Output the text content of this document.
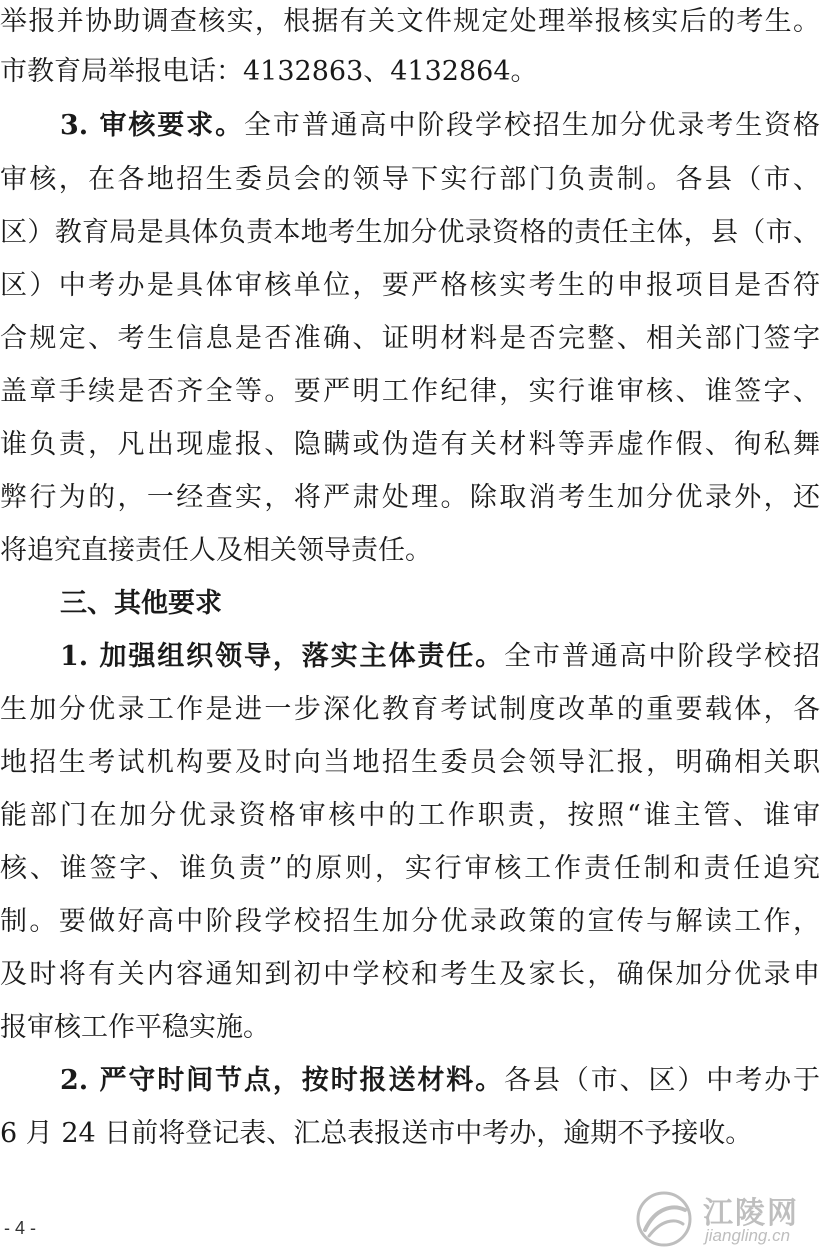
举报并协助调查核实，根据有关文件规定处理举报核实后的考生。
市教育局举报电话：4132863、4132864。
3. 审核要求。全市普通高中阶段学校招生加分优录考生资格
审核，在各地招生委员会的领导下实行部门负责制。各县（市、
区）教育局是具体负责本地考生加分优录资格的责任主体，县（市、
区）中考办是具体审核单位，要严格核实考生的申报项目是否符
合规定、考生信息是否准确、证明材料是否完整、相关部门签字
盖章手续是否齐全等。要严明工作纪律，实行谁审核、谁签字、
谁负责，凡出现虚报、隐瞒或伪造有关材料等弄虚作假、徇私舞
弊行为的，一经查实，将严肃处理。除取消考生加分优录外，还
将追究直接责任人及相关领导责任。
三、其他要求
1. 加强组织领导，落实主体责任。全市普通高中阶段学校招
生加分优录工作是进一步深化教育考试制度改革的重要载体，各
地招生考试机构要及时向当地招生委员会领导汇报，明确相关职
能部门在加分优录资格审核中的工作职责，按照“谁主管、谁审
核、谁签字、谁负责”的原则，实行审核工作责任制和责任追究
制。要做好高中阶段学校招生加分优录政策的宣传与解读工作，
及时将有关内容通知到初中学校和考生及家长，确保加分优录申
报审核工作平稳实施。
2. 严守时间节点，按时报送材料。各县（市、区）中考办于
6 月 24 日前将登记表、汇总表报送市中考办，逾期不予接收。
- 4 -	江陵网
jiangling.cn
